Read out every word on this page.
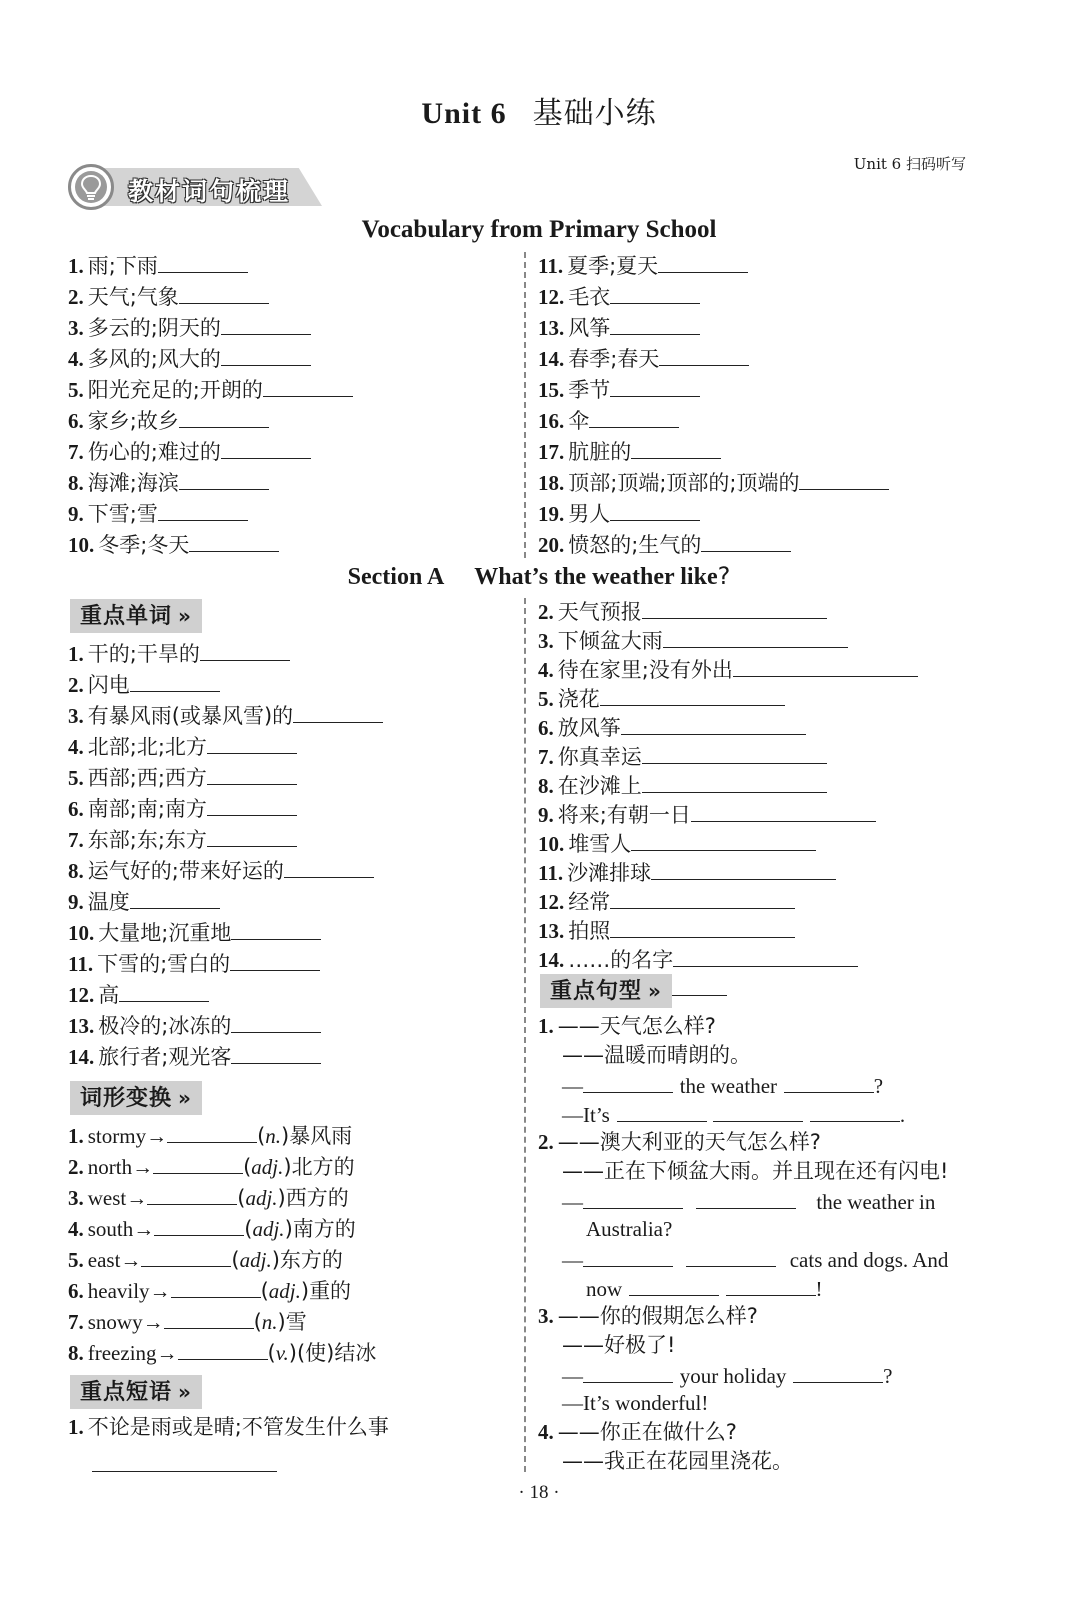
Unit 6 基础小练
Unit 6 扫码听写
教材词句梳理
Vocabulary from Primary School
1. 雨;下雨
2. 天气;气象
3. 多云的;阴天的
4. 多风的;风大的
5. 阳光充足的;开朗的
6. 家乡;故乡
7. 伤心的;难过的
8. 海滩;海滨
9. 下雪;雪
10. 冬季;冬天
11. 夏季;夏天
12. 毛衣
13. 风筝
14. 春季;春天
15. 季节
16. 伞
17. 肮脏的
18. 顶部;顶端;顶部的;顶端的
19. 男人
20. 愤怒的;生气的
Section A What’s the weather like?
重点单词 »
1. 干的;干旱的
2. 闪电
3. 有暴风雨(或暴风雪)的
4. 北部;北;北方
5. 西部;西;西方
6. 南部;南;南方
7. 东部;东;东方
8. 运气好的;带来好运的
9. 温度
10. 大量地;沉重地
11. 下雪的;雪白的
12. 高
13. 极冷的;冰冻的
14. 旅行者;观光客
词形变换 »
1. stormy→	(n.)暴风雨
2. north→	(adj.)北方的
3. west→	(adj.)西方的
4. south→	(adj.)南方的
5. east→	(adj.)东方的
6. heavily→	(adj.)重的
7. snowy→	(n.)雪
8. freezing→	(v.)(使)结冰
重点短语 »
1. 不论是雨或是晴;不管发生什么事
2. 天气预报
3. 下倾盆大雨
4. 待在家里;没有外出
5. 浇花
6. 放风筝
7. 你真幸运
8. 在沙滩上
9. 将来;有朝一日
10. 堆雪人
11. 沙滩排球
12. 经常
13. 拍照
14. ……的名字
重点句型 »
1. ——天气怎么样?
——温暖而晴朗的。
—	the weather	?
—It’s	.
2. ——澳大利亚的天气怎么样?
——正在下倾盆大雨。并且现在还有闪电!
—	the weather in
Australia?
—	cats and dogs. And
now	!
3. ——你的假期怎么样?
——好极了!
—	your holiday	?
—It’s wonderful!
4. ——你正在做什么?
——我正在花园里浇花。
· 18 ·
